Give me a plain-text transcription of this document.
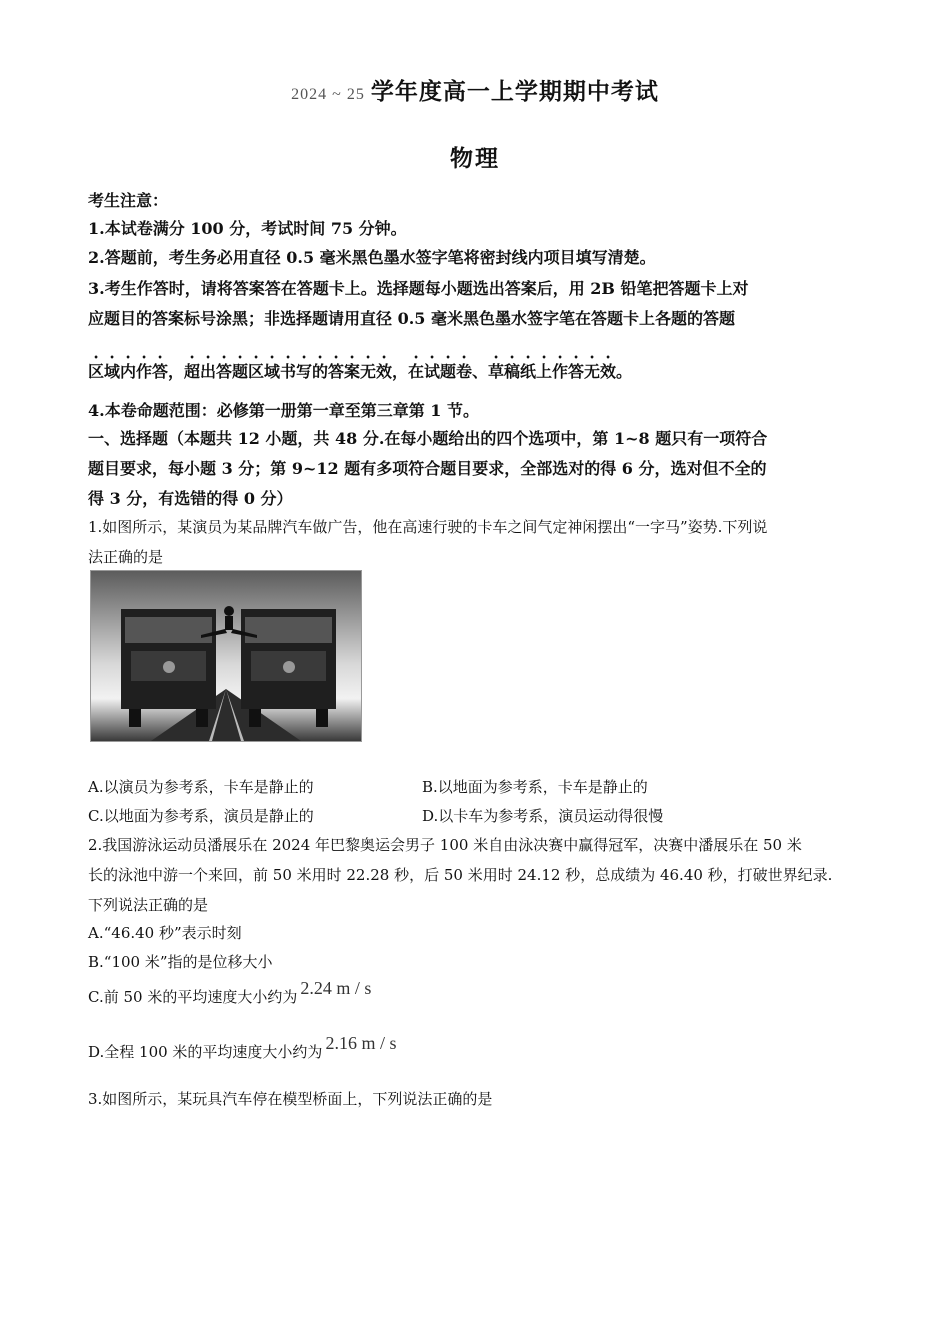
2024 ~ 25 学年度高一上学期期中考试
物理
考生注意：
1.本试卷满分 100 分，考试时间 75 分钟。
2.答题前，考生务必用直径 0.5 毫米黑色墨水签字笔将密封线内项目填写清楚。
3.考生作答时，请将答案答在答题卡上。选择题每小题选出答案后，用 2B 铅笔把答题卡上对
应题目的答案标号涂黑；非选择题请用直径 0.5 毫米黑色墨水签字笔在答题卡上各题的答题
区域内作答，超出答题区域书写的答案无效，在试题卷、草稿纸上作答无效。
4.本卷命题范围：必修第一册第一章至第三章第 1 节。
一、选择题（本题共 12 小题，共 48 分.在每小题给出的四个选项中，第 1~8 题只有一项符合
题目要求，每小题 3 分；第 9~12 题有多项符合题目要求，全部选对的得 6 分，选对但不全的
得 3 分，有选错的得 0 分）
1.如图所示，某演员为某品牌汽车做广告，他在高速行驶的卡车之间气定神闲摆出“一字马”姿势.下列说
法正确的是
A.以演员为参考系，卡车是静止的	B.以地面为参考系，卡车是静止的
C.以地面为参考系，演员是静止的	D.以卡车为参考系，演员运动得很慢
2.我国游泳运动员潘展乐在 2024 年巴黎奥运会男子 100 米自由泳决赛中赢得冠军，决赛中潘展乐在 50 米
长的泳池中游一个来回，前 50 米用时 22.28 秒，后 50 米用时 24.12 秒，总成绩为 46.40 秒，打破世界纪录.
下列说法正确的是
A.“46.40 秒”表示时刻
B.“100 米”指的是位移大小
C.前 50 米的平均速度大小约为 2.24 m / s
D.全程 100 米的平均速度大小约为 2.16 m / s
3.如图所示，某玩具汽车停在模型桥面上，下列说法正确的是
